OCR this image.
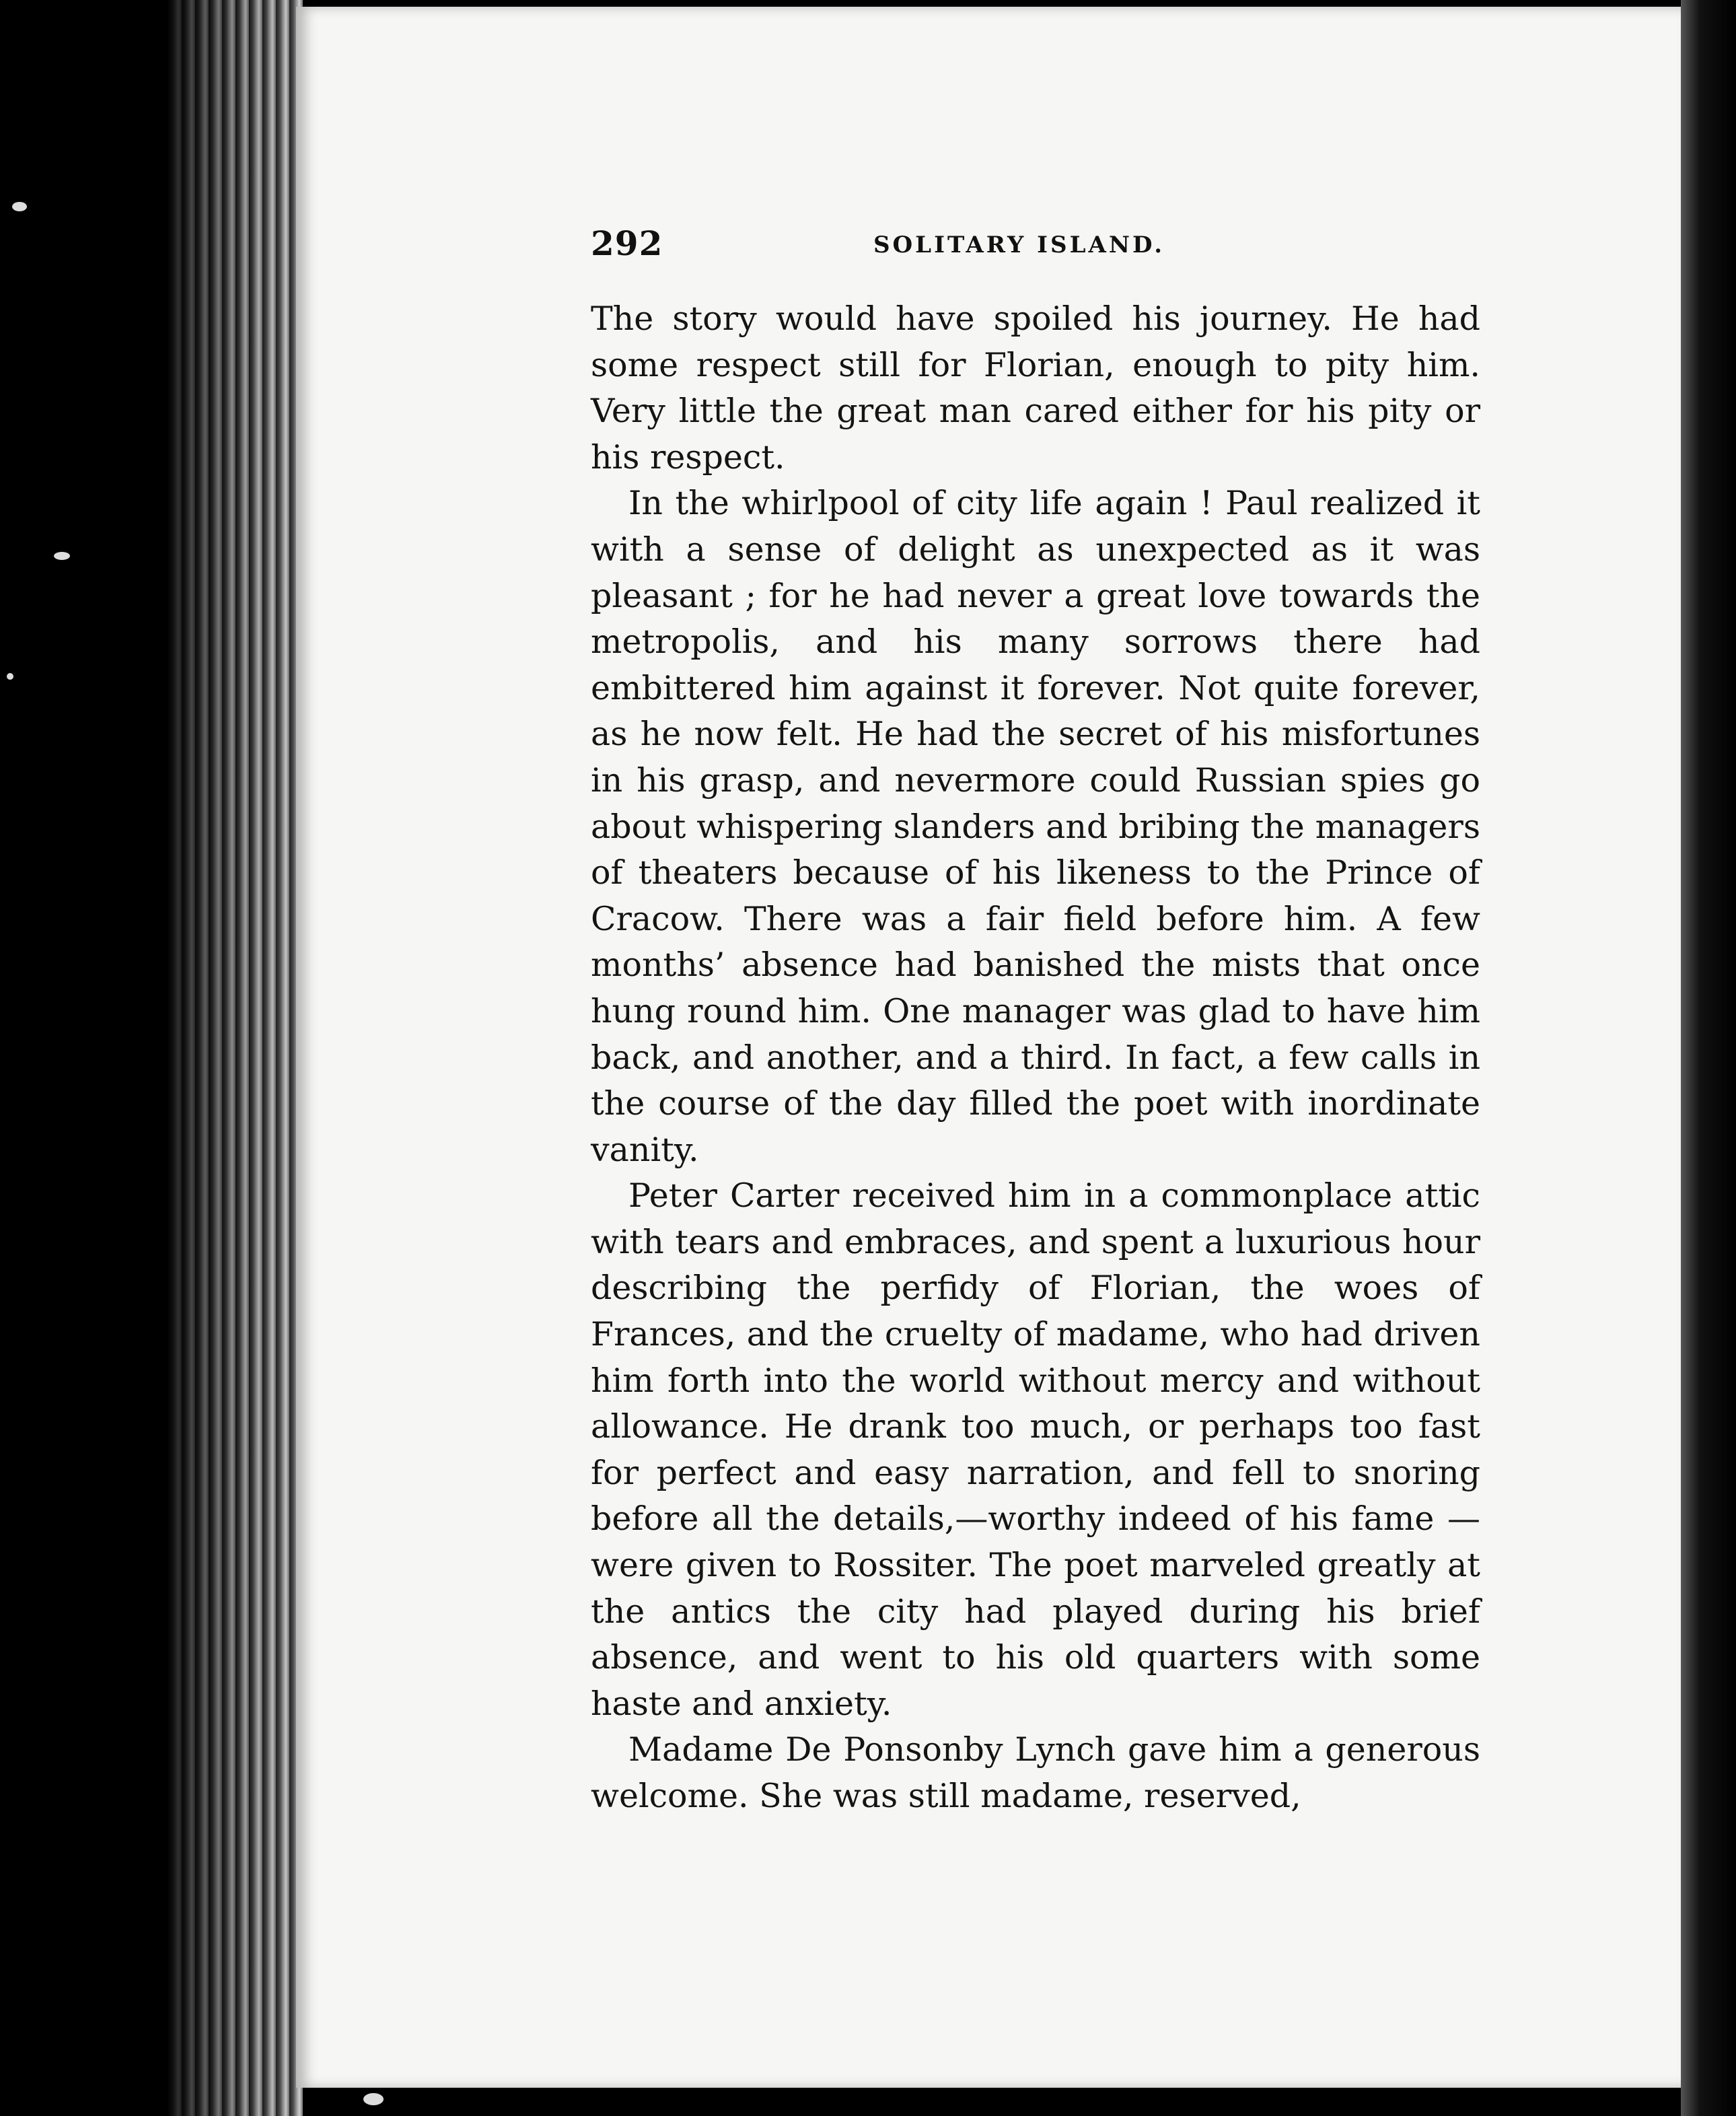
292	SOLITARY ISLAND.

The story would have spoiled his journey. He had some respect still for Florian, enough to pity him. Very little the great man cared either for his pity or his respect.

In the whirlpool of city life again ! Paul realized it with a sense of delight as unexpected as it was pleasant ; for he had never a great love towards the metropolis, and his many sorrows there had embittered him against it forever. Not quite forever, as he now felt. He had the secret of his misfortunes in his grasp, and nevermore could Russian spies go about whispering slanders and bribing the managers of theaters because of his likeness to the Prince of Cracow. There was a fair field before him. A few months’ absence had banished the mists that once hung round him. One manager was glad to have him back, and another, and a third. In fact, a few calls in the course of the day filled the poet with inordinate vanity.

Peter Carter received him in a commonplace attic with tears and embraces, and spent a luxurious hour describing the perfidy of Florian, the woes of Frances, and the cruelty of madame, who had driven him forth into the world without mercy and without allowance. He drank too much, or perhaps too fast for perfect and easy narration, and fell to snoring before all the details,—worthy indeed of his fame —were given to Rossiter. The poet marveled greatly at the antics the city had played during his brief absence, and went to his old quarters with some haste and anxiety.

Madame De Ponsonby Lynch gave him a generous welcome. She was still madame, reserved,
